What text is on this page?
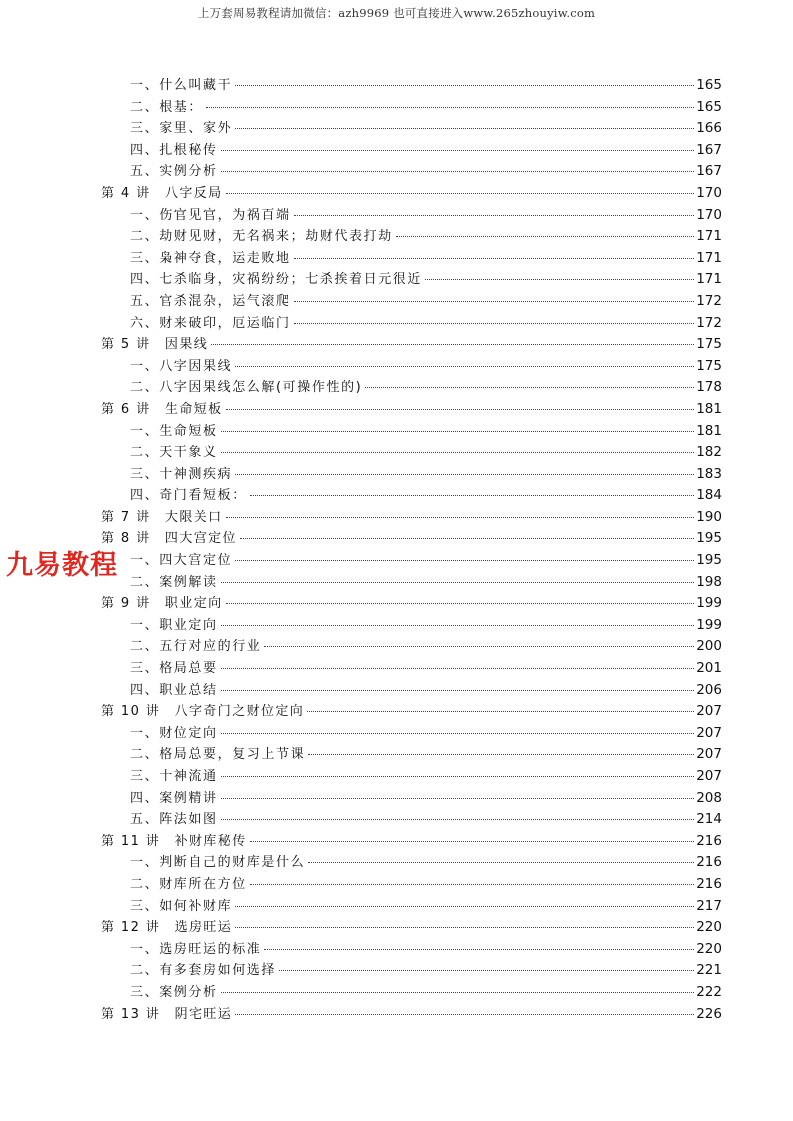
上万套周易教程请加微信：azh9969 也可直接进入www.265zhouyiw.com
一、什么叫藏干	165
二、根基：	165
三、家里、家外	166
四、扎根秘传	167
五、实例分析	167
第 4 讲　八字反局	170
一、伤官见官，为祸百端	170
二、劫财见财，无名祸来；劫财代表打劫	171
三、枭神夺食，运走败地	171
四、七杀临身，灾祸纷纷；七杀挨着日元很近	171
五、官杀混杂，运气滚爬	172
六、财来破印，厄运临门	172
第 5 讲　因果线	175
一、八字因果线	175
二、八字因果线怎么解(可操作性的)	178
第 6 讲　生命短板	181
一、生命短板	181
二、天干象义	182
三、十神测疾病	183
四、奇门看短板：	184
第 7 讲　大限关口	190
第 8 讲　四大宫定位	195
一、四大宫定位	195
二、案例解读	198
第 9 讲　职业定向	199
一、职业定向	199
二、五行对应的行业	200
三、格局总要	201
四、职业总结	206
第 10 讲　八字奇门之财位定向	207
一、财位定向	207
二、格局总要，复习上节课	207
三、十神流通	207
四、案例精讲	208
五、阵法如图	214
第 11 讲　补财库秘传	216
一、判断自己的财库是什么	216
二、财库所在方位	216
三、如何补财库	217
第 12 讲　选房旺运	220
一、选房旺运的标准	220
二、有多套房如何选择	221
三、案例分析	222
第 13 讲　阴宅旺运	226
九易教程
